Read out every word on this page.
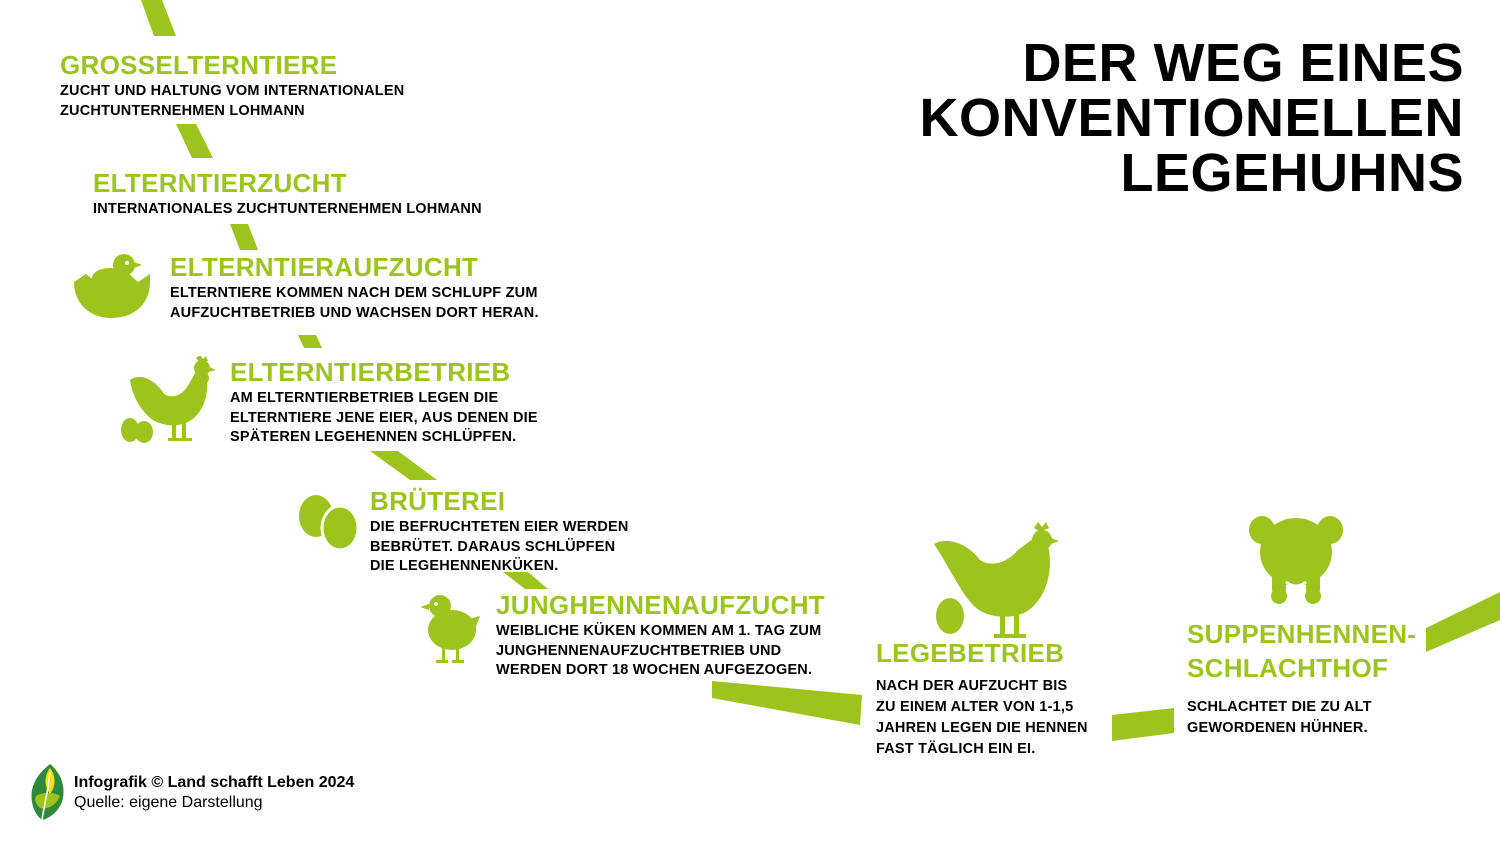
DER WEG EINES
KONVENTIONELLEN
LEGEHUHNS
GROSSELTERNTIERE

ZUCHT UND HALTUNG VOM INTERNATIONALEN
ZUCHTUNTERNEHMEN LOHMANN

ELTERNTIERZUCHT

INTERNATIONALES ZUCHTUNTERNEHMEN LOHMANN

ELTERNTIERAUFZUCHT

ELTERNTIERE KOMMEN NACH DEM SCHLUPF ZUM
AUFZUCHTBETRIEB UND WACHSEN DORT HERAN.

ELTERNTIERBETRIEB

AM ELTERNTIERBETRIEB LEGEN DIE
ELTERNTIERE JENE EIER, AUS DENEN DIE
SPÄTEREN LEGEHENNEN SCHLÜPFEN.

BRÜTEREI

DIE BEFRUCHTETEN EIER WERDEN
BEBRÜTET. DARAUS SCHLÜPFEN
DIE LEGEHENNENKÜKEN.

JUNGHENNENAUFZUCHT

WEIBLICHE KÜKEN KOMMEN AM 1. TAG ZUM
JUNGHENNENAUFZUCHTBETRIEB UND
WERDEN DORT 18 WOCHEN AUFGEZOGEN.

LEGEBETRIEB

NACH DER AUFZUCHT BIS
ZU EINEM ALTER VON 1-1,5
JAHREN LEGEN DIE HENNEN
FAST TÄGLICH EIN EI.

SUPPENHENNEN-
SCHLACHTHOF

SCHLACHTET DIE ZU ALT
GEWORDENEN HÜHNER.

Infografik © Land schafft Leben 2024
Quelle: eigene Darstellung
